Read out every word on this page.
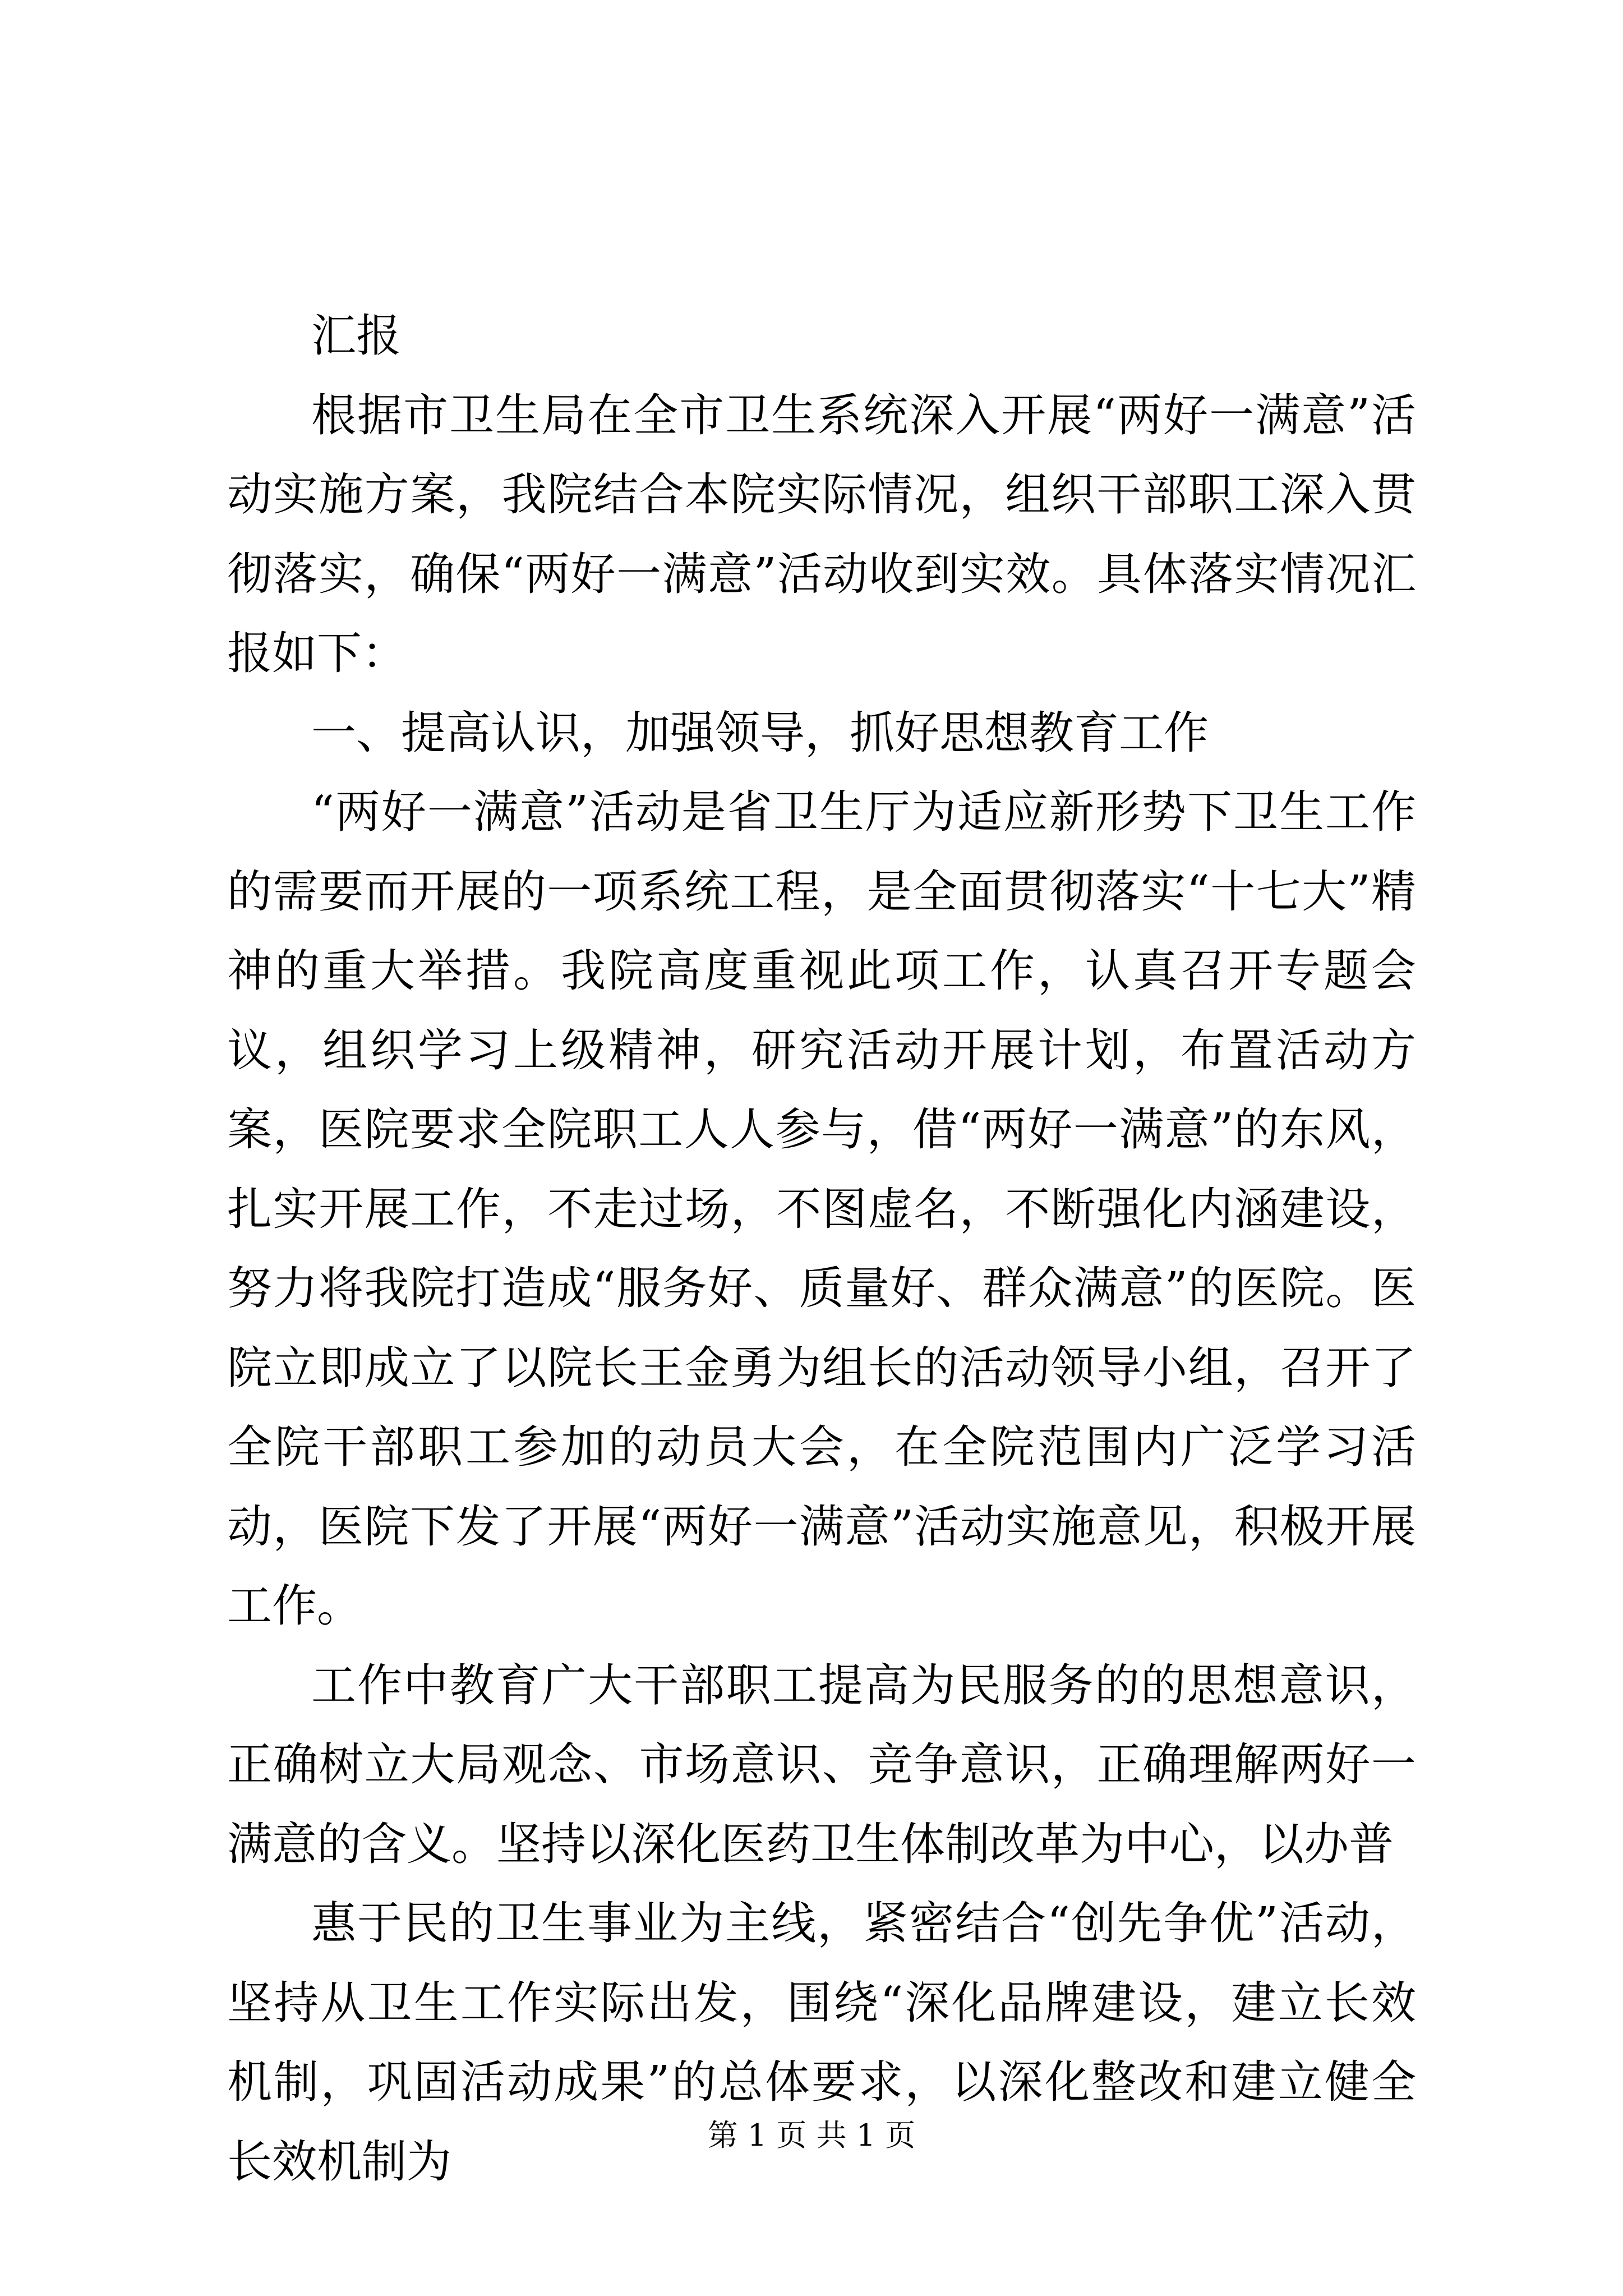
汇报

根据市卫生局在全市卫生系统深入开展“两好一满意”活动实施方案，我院结合本院实际情况，组织干部职工深入贯彻落实，确保“两好一满意”活动收到实效。具体落实情况汇报如下：

一、提高认识，加强领导，抓好思想教育工作

“两好一满意”活动是省卫生厅为适应新形势下卫生工作的需要而开展的一项系统工程，是全面贯彻落实“十七大”精神的重大举措。我院高度重视此项工作，认真召开专题会议，组织学习上级精神，研究活动开展计划，布置活动方案，医院要求全院职工人人参与，借“两好一满意”的东风，扎实开展工作，不走过场，不图虚名，不断强化内涵建设，努力将我院打造成“服务好、质量好、群众满意”的医院。医院立即成立了以院长王金勇为组长的活动领导小组，召开了全院干部职工参加的动员大会，在全院范围内广泛学习活动，医院下发了开展“两好一满意”活动实施意见，积极开展工作。

工作中教育广大干部职工提高为民服务的的思想意识，正确树立大局观念、市场意识、竞争意识，正确理解两好一满意的含义。坚持以深化医药卫生体制改革为中心，以办普

惠于民的卫生事业为主线，紧密结合“创先争优”活动，坚持从卫生工作实际出发，围绕“深化品牌建设，建立长效机制，巩固活动成果”的总体要求，以深化整改和建立健全长效机制为	第 1 页 共 1 页
